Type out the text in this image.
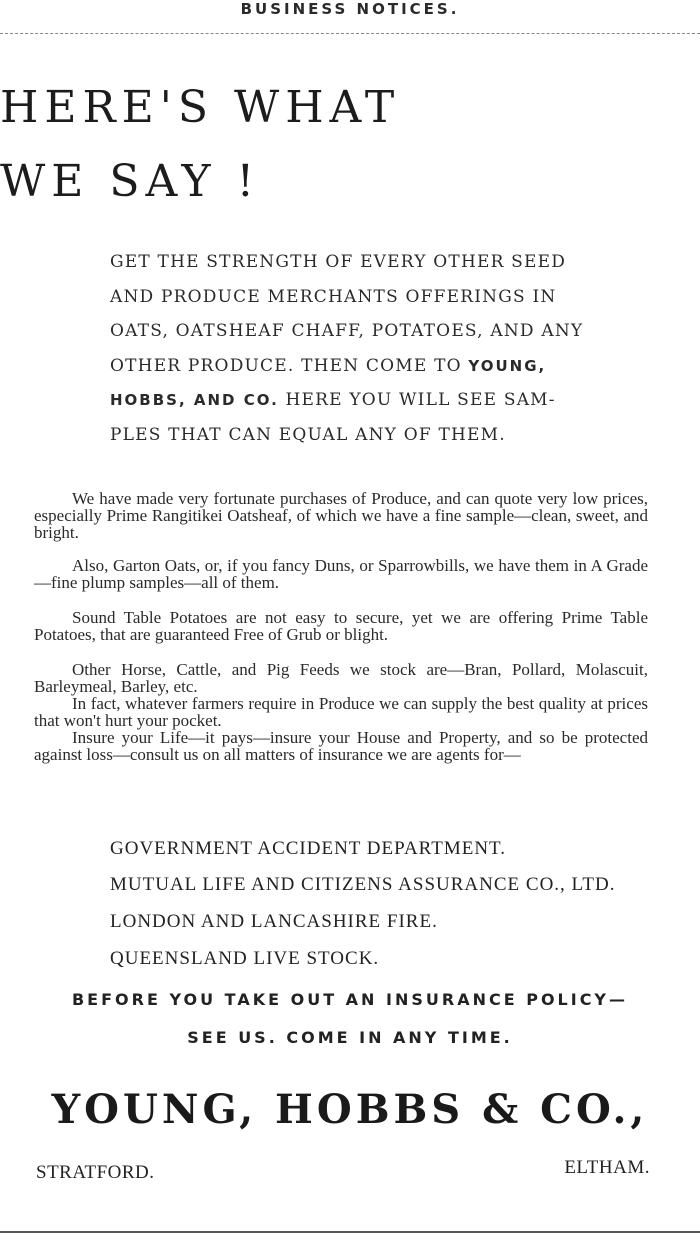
BUSINESS NOTICES.
HERE'S WHAT
WE SAY !
GET THE STRENGTH OF EVERY OTHER SEED
AND PRODUCE MERCHANTS OFFERINGS IN
OATS, OATSHEAF CHAFF, POTATOES, AND ANY
OTHER PRODUCE. THEN COME TO YOUNG,
HOBBS, AND CO. HERE YOU WILL SEE SAM-
PLES THAT CAN EQUAL ANY OF THEM.

We have made very fortunate purchases of Produce, and can quote very low prices, especially Prime Rangitikei Oatsheaf, of which we have a fine sample—clean, sweet, and bright.

Also, Garton Oats, or, if you fancy Duns, or Sparrowbills, we have them in A Grade—fine plump samples—all of them.

Sound Table Potatoes are not easy to secure, yet we are offering Prime Table Potatoes, that are guaranteed Free of Grub or blight.

Other Horse, Cattle, and Pig Feeds we stock are—Bran, Pollard, Molascuit, Barleymeal, Barley, etc.

In fact, whatever farmers require in Produce we can supply the best quality at prices that won't hurt your pocket.

Insure your Life—it pays—insure your House and Property, and so be protected against loss—consult us on all matters of insurance we are agents for—

GOVERNMENT ACCIDENT DEPARTMENT.
MUTUAL LIFE AND CITIZENS ASSURANCE CO., LTD.
LONDON AND LANCASHIRE FIRE.
QUEENSLAND LIVE STOCK.
BEFORE YOU TAKE OUT AN INSURANCE POLICY—
SEE US. COME IN ANY TIME.
YOUNG, HOBBS & CO.,
STRATFORD.	ELTHAM.
